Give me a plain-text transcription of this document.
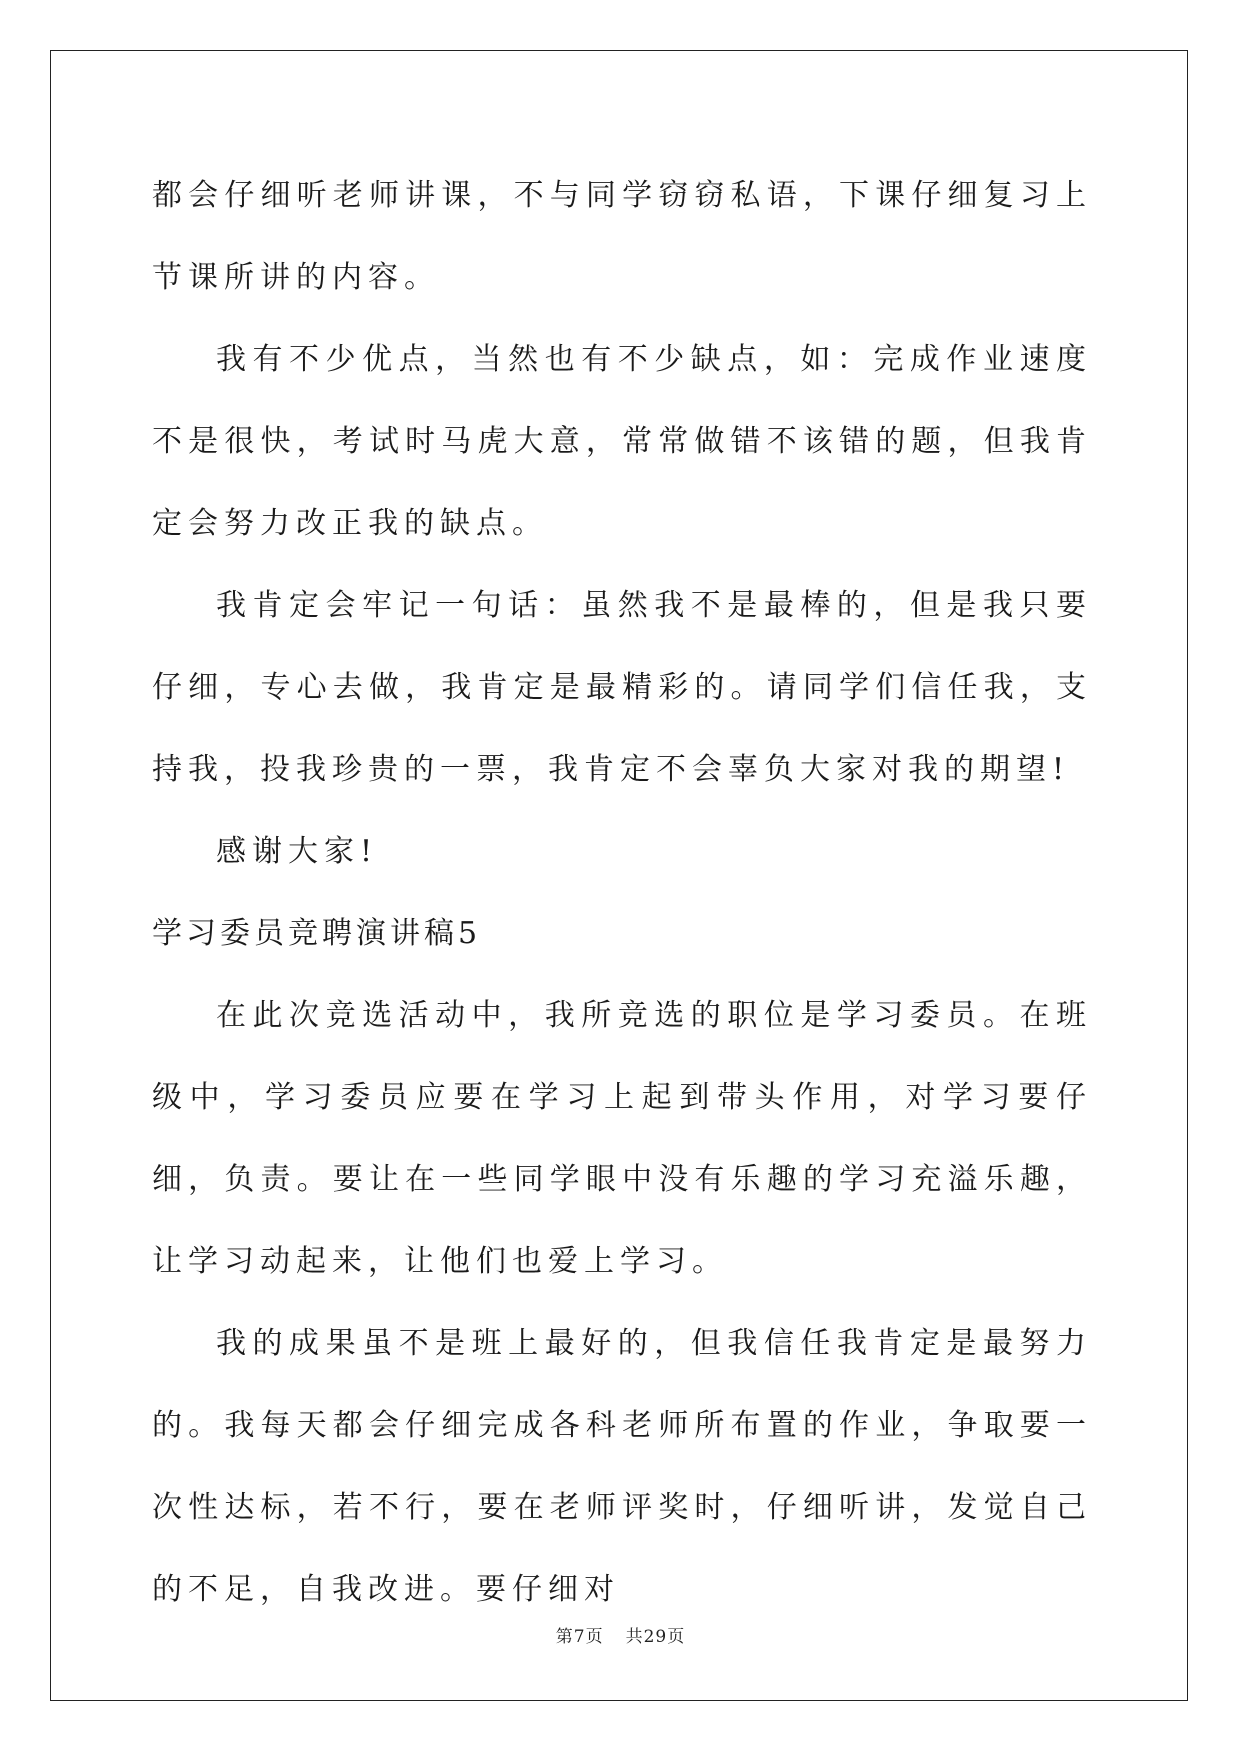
都会仔细听老师讲课，不与同学窃窃私语，下课仔细复习上节课所讲的内容。

我有不少优点，当然也有不少缺点，如：完成作业速度不是很快，考试时马虎大意，常常做错不该错的题，但我肯定会努力改正我的缺点。

我肯定会牢记一句话：虽然我不是最棒的，但是我只要仔细，专心去做，我肯定是最精彩的。请同学们信任我，支持我，投我珍贵的一票，我肯定不会辜负大家对我的期望!

感谢大家!

学习委员竞聘演讲稿5

在此次竞选活动中，我所竞选的职位是学习委员。在班级中，学习委员应要在学习上起到带头作用，对学习要仔细，负责。要让在一些同学眼中没有乐趣的学习充溢乐趣，让学习动起来，让他们也爱上学习。

我的成果虽不是班上最好的，但我信任我肯定是最努力的。我每天都会仔细完成各科老师所布置的作业，争取要一次性达标，若不行，要在老师评奖时，仔细听讲，发觉自己的不足，自我改进。要仔细对

第7页 共29页
